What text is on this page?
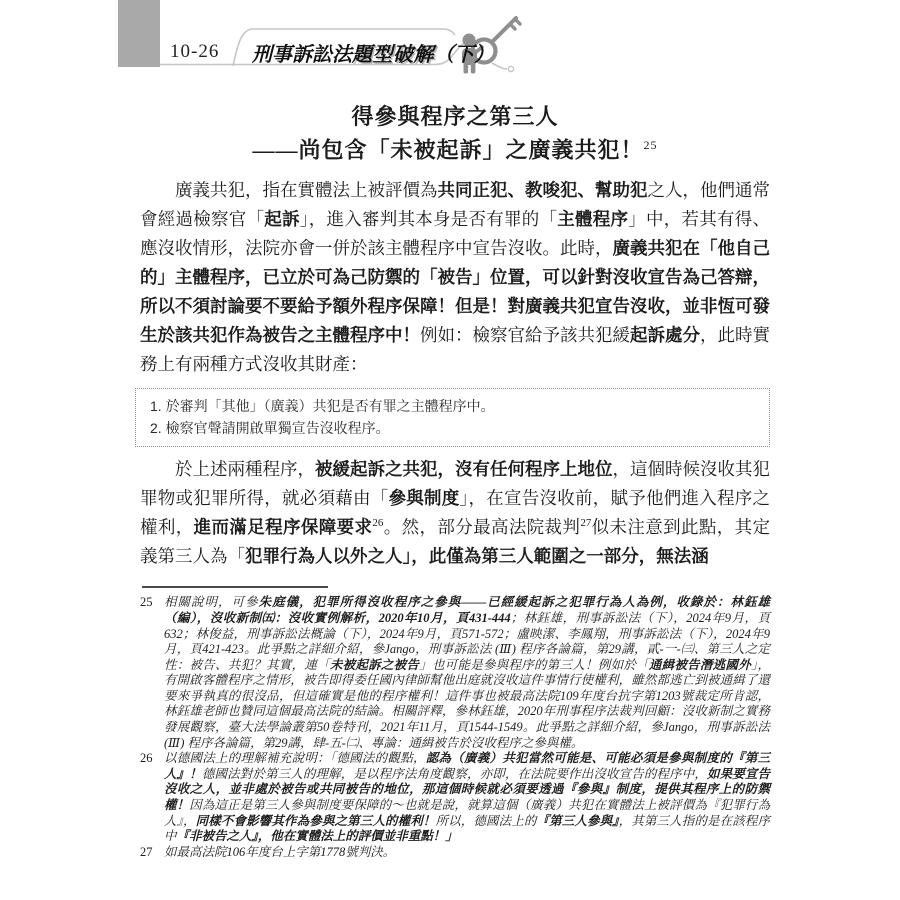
10-26 刑事訴訟法題型破解（下）
得參與程序之第三人
——尚包含「未被起訴」之廣義共犯！$^{25}$

廣義共犯，指在實體法上被評價為共同正犯、教唆犯、幫助犯之人，他們通常會經過檢察官「起訴」，進入審判其本身是否有罪的「主體程序」中，若其有得、應沒收情形，法院亦會一併於該主體程序中宣告沒收。此時，廣義共犯在「他自己的」主體程序，已立於可為己防禦的「被告」位置，可以針對沒收宣告為己答辯，所以不須討論要不要給予額外程序保障！但是！對廣義共犯宣告沒收，並非恆可發生於該共犯作為被告之主體程序中！例如：檢察官給予該共犯緩起訴處分，此時實務上有兩種方式沒收其財產：

1. 於審判「其他」（廣義）共犯是否有罪之主體程序中。
2. 檢察官聲請開啟單獨宣告沒收程序。

於上述兩種程序，被緩起訴之共犯，沒有任何程序上地位，這個時候沒收其犯罪物或犯罪所得，就必須藉由「參與制度」，在宣告沒收前，賦予他們進入程序之權利，進而滿足程序保障要求$^{26}$。然，部分最高法院裁判$^{27}$似未注意到此點，其定義第三人為「犯罪行為人以外之人」，此僅為第三人範圍之一部分，無法涵

25 相關說明，可參朱庭儀，犯罪所得沒收程序之參與——已經緩起訴之犯罪行為人為例，收錄於：林鈺雄（編），沒收新制㈤：沒收實例解析，2020年10月，頁431-444；林鈺雄，刑事訴訟法（下），2024年9月，頁632；林俊益，刑事訴訟法概論（下），2024年9月，頁571-572；盧映潔、李鳳翔，刑事訴訟法（下），2024年9月，頁421-423。此爭點之詳細介紹，參Jango，刑事訴訟法 (Ⅲ) 程序各論篇，第29講，貳-一-㈢、第三人之定性：被告、共犯？其實，連「未被起訴之被告」也可能是參與程序的第三人！例如於「通緝被告潛逃國外」，有開啟客體程序之情形，被告即得委任國內律師幫他出庭就沒收這件事情行使權利，雖然都逃亡到被通緝了還要來爭執真的很沒品，但這確實是他的程序權利！這件事也被最高法院109年度台抗字第1203號裁定所肯認，林鈺雄老師也贊同這個最高法院的結論。相關評釋，參林鈺雄，2020年刑事程序法裁判回顧：沒收新制之實務發展觀察，臺大法學論叢第50卷特刊，2021年11月，頁1544-1549。此爭點之詳細介紹，參Jango，刑事訴訟法 (Ⅲ) 程序各論篇，第29講，肆-五-㈡、專論：通緝被告於沒收程序之參與權。
26 以德國法上的理解補充說明：「德國法的觀點，認為（廣義）共犯當然可能是、可能必須是參與制度的『第三人』！德國法對於第三人的理解，是以程序法角度觀察，亦即，在法院要作出沒收宣告的程序中，如果要宣告沒收之人，並非處於被告或共同被告的地位，那這個時候就必須要透過『參與』制度，提供其程序上的防禦權！因為這正是第三人參與制度要保障的～也就是說，就算這個（廣義）共犯在實體法上被評價為『犯罪行為人』，同樣不會影響其作為參與之第三人的權利！所以，德國法上的『第三人參與』，其第三人指的是在該程序中『非被告之人』，他在實體法上的評價並非重點！」
27 如最高法院106年度台上字第1778號判決。
